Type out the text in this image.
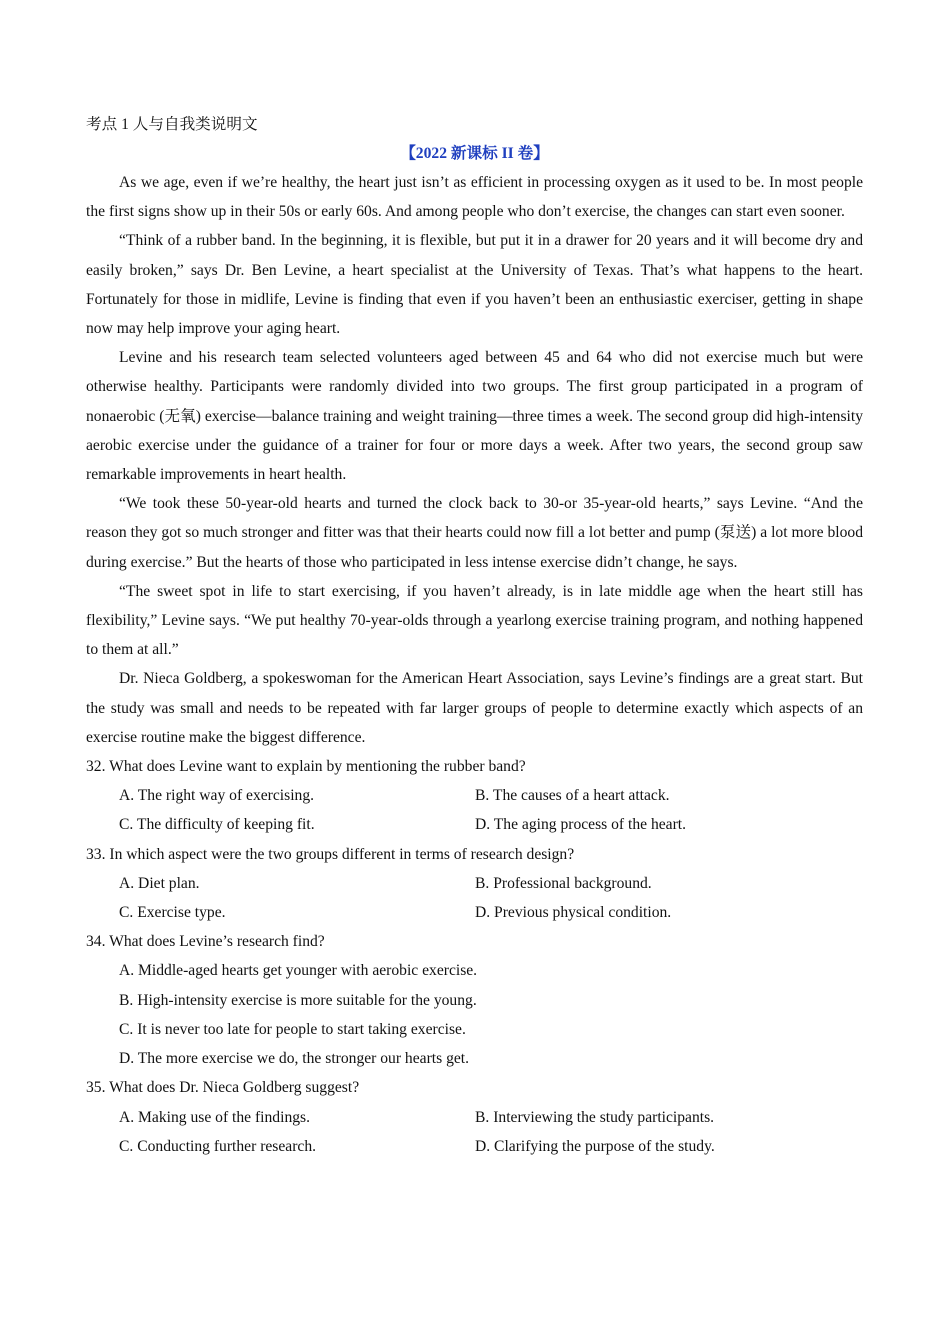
考点 1 人与自我类说明文

【2022 新课标 II 卷】

As we age, even if we’re healthy, the heart just isn’t as efficient in processing oxygen as it used to be. In most people the first signs show up in their 50s or early 60s. And among people who don’t exercise, the changes can start even sooner.

“Think of a rubber band. In the beginning, it is flexible, but put it in a drawer for 20 years and it will become dry and easily broken,” says Dr. Ben Levine, a heart specialist at the University of Texas. That’s what happens to the heart. Fortunately for those in midlife, Levine is finding that even if you haven’t been an enthusiastic exerciser, getting in shape now may help improve your aging heart.

Levine and his research team selected volunteers aged between 45 and 64 who did not exercise much but were otherwise healthy. Participants were randomly divided into two groups. The first group participated in a program of nonaerobic (无氧) exercise—balance training and weight training—three times a week. The second group did high-intensity aerobic exercise under the guidance of a trainer for four or more days a week. After two years, the second group saw remarkable improvements in heart health.

“We took these 50-year-old hearts and turned the clock back to 30-or 35-year-old hearts,” says Levine. “And the reason they got so much stronger and fitter was that their hearts could now fill a lot better and pump (泵送) a lot more blood during exercise.” But the hearts of those who participated in less intense exercise didn’t change, he says.

“The sweet spot in life to start exercising, if you haven’t already, is in late middle age when the heart still has flexibility,” Levine says. “We put healthy 70-year-olds through a yearlong exercise training program, and nothing happened to them at all.”

Dr. Nieca Goldberg, a spokeswoman for the American Heart Association, says Levine’s findings are a great start. But the study was small and needs to be repeated with far larger groups of people to determine exactly which aspects of an exercise routine make the biggest difference.

32. What does Levine want to explain by mentioning the rubber band?

A. The right way of exercising.	B. The causes of a heart attack.

C. The difficulty of keeping fit.	D. The aging process of the heart.

33. In which aspect were the two groups different in terms of research design?

A. Diet plan.	B. Professional background.

C. Exercise type.	D. Previous physical condition.

34. What does Levine’s research find?

A. Middle-aged hearts get younger with aerobic exercise.

B. High-intensity exercise is more suitable for the young.

C. It is never too late for people to start taking exercise.

D. The more exercise we do, the stronger our hearts get.

35. What does Dr. Nieca Goldberg suggest?

A. Making use of the findings.	B. Interviewing the study participants.

C. Conducting further research.	D. Clarifying the purpose of the study.
